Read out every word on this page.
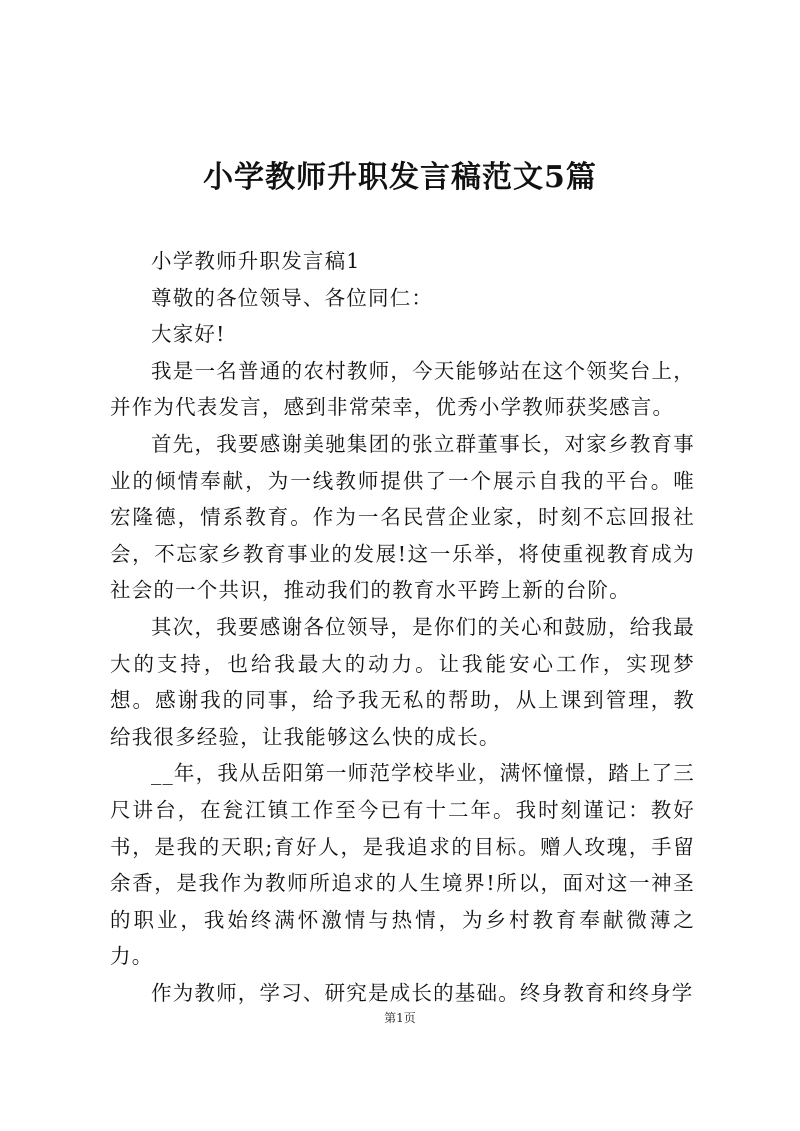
小学教师升职发言稿范文5篇

小学教师升职发言稿1

尊敬的各位领导、各位同仁：

大家好!

我是一名普通的农村教师，今天能够站在这个领奖台上，并作为代表发言，感到非常荣幸，优秀小学教师获奖感言。

首先，我要感谢美驰集团的张立群董事长，对家乡教育事业的倾情奉献，为一线教师提供了一个展示自我的平台。唯宏隆德，情系教育。作为一名民营企业家，时刻不忘回报社会，不忘家乡教育事业的发展!这一乐举，将使重视教育成为社会的一个共识，推动我们的教育水平跨上新的台阶。

其次，我要感谢各位领导，是你们的关心和鼓励，给我最大的支持，也给我最大的动力。让我能安心工作，实现梦想。感谢我的同事，给予我无私的帮助，从上课到管理，教给我很多经验，让我能够这么快的成长。

__年，我从岳阳第一师范学校毕业，满怀憧憬，踏上了三尺讲台，在瓮江镇工作至今已有十二年。我时刻谨记：教好书，是我的天职;育好人，是我追求的目标。赠人玫瑰，手留余香，是我作为教师所追求的人生境界!所以，面对这一神圣的职业，我始终满怀激情与热情，为乡村教育奉献微薄之力。

作为教师，学习、研究是成长的基础。终身教育和终身学

第1页
